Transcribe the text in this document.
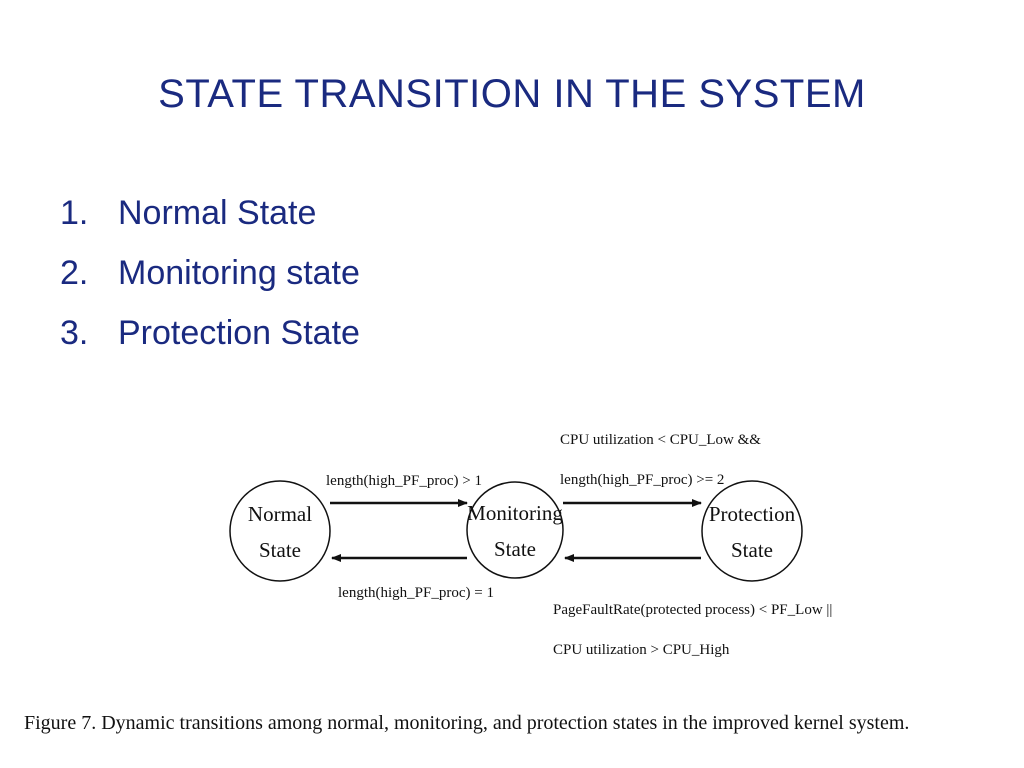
STATE TRANSITION IN THE SYSTEM
1. Normal State
2. Monitoring state
3. Protection State
Normal
State
Monitoring
State
Protection
State
length(high_PF_proc) > 1
length(high_PF_proc) = 1
CPU utilization < CPU_Low &&
length(high_PF_proc) >= 2
PageFaultRate(protected process) < PF_Low ||
CPU utilization > CPU_High
Figure 7. Dynamic transitions among normal, monitoring, and protection states in the improved kernel system.
